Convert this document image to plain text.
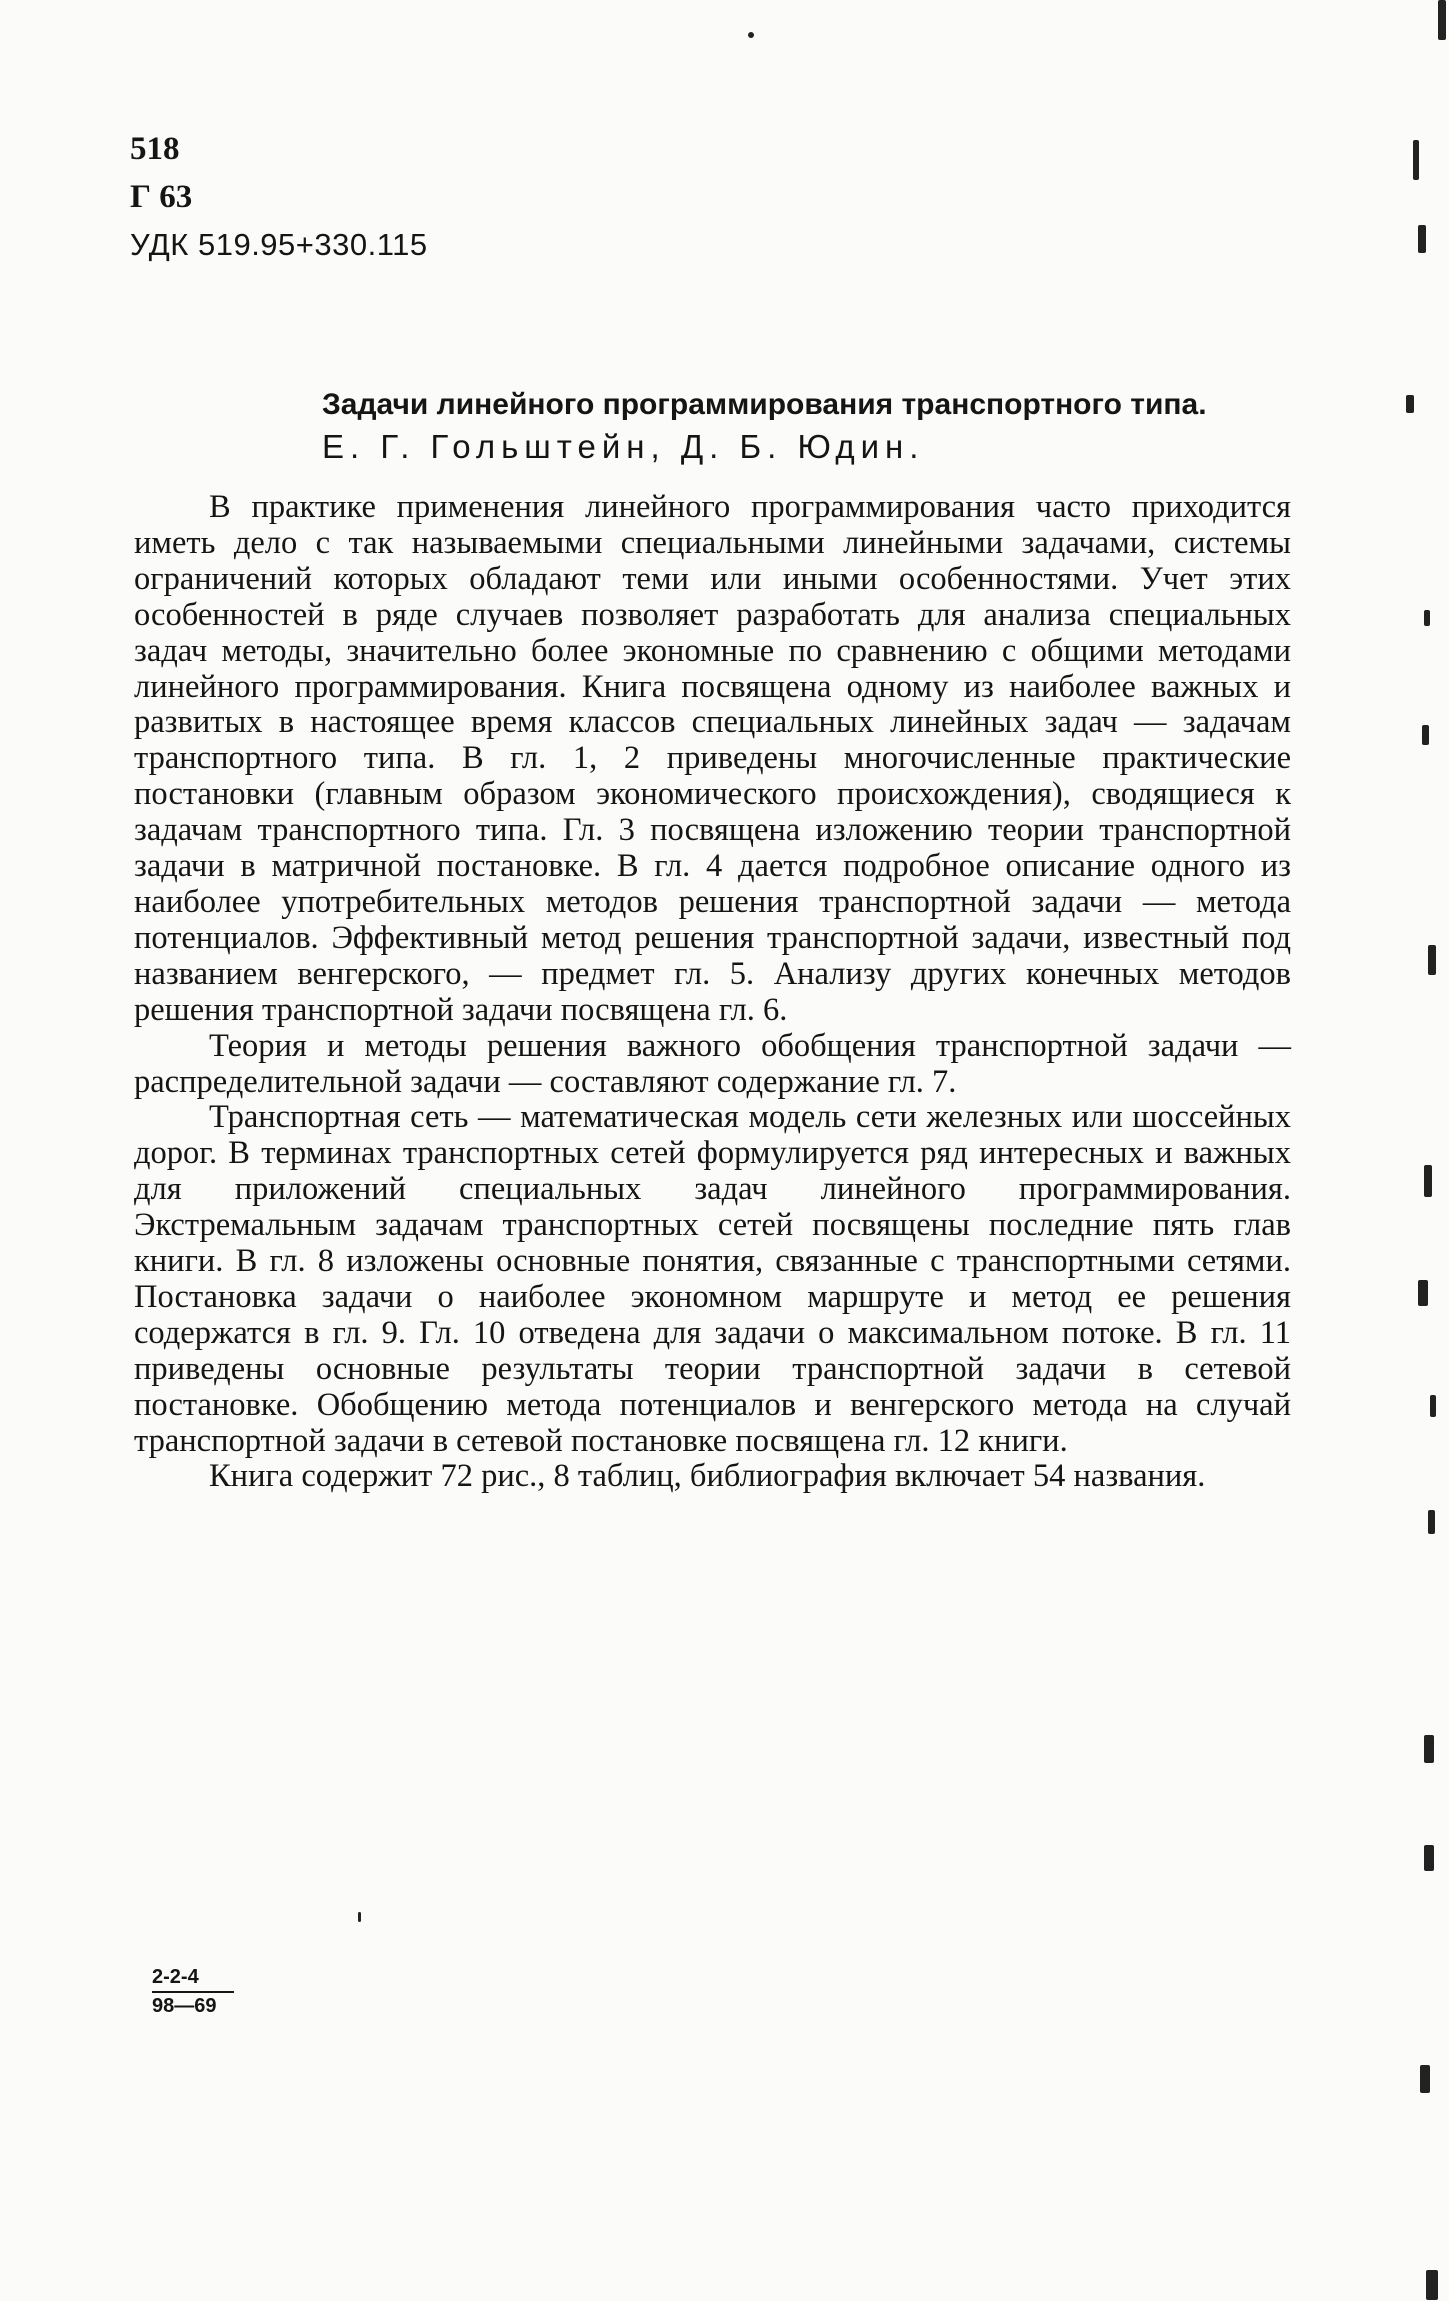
518
Г 63
УДК 519.95+330.115
Задачи линейного программирования транспортного типа.
Е. Г. Гольштейн, Д. Б. Юдин.

В практике применения линейного программирования часто приходится иметь дело с так называемыми специальными линейными задачами, системы ограничений которых обладают теми или иными особенностями. Учет этих особенностей в ряде случаев позволяет разработать для анализа специальных задач методы, значительно более экономные по сравнению с общими методами линейного программирования. Книга посвящена одному из наиболее важных и развитых в настоящее время классов специальных линейных задач — задачам транспортного типа. В гл. 1, 2 приведены многочисленные практические постановки (главным образом экономического происхождения), сводящиеся к задачам транспортного типа. Гл. 3 посвящена изложению теории транспортной задачи в матричной постановке. В гл. 4 дается подробное описание одного из наиболее употребительных методов решения транспортной задачи — метода потенциалов. Эффективный метод решения транспортной задачи, известный под названием венгерского, — предмет гл. 5. Анализу других конечных методов решения транспортной задачи посвящена гл. 6.

Теория и методы решения важного обобщения транспортной задачи — распределительной задачи — составляют содержание гл. 7.

Транспортная сеть — математическая модель сети железных или шоссейных дорог. В терминах транспортных сетей формулируется ряд интересных и важных для приложений специальных задач линейного программирования. Экстремальным задачам транспортных сетей посвящены последние пять глав книги. В гл. 8 изложены основные понятия, связанные с транспортными сетями. Постановка задачи о наиболее экономном маршруте и метод ее решения содержатся в гл. 9. Гл. 10 отведена для задачи о максимальном потоке. В гл. 11 приведены основные результаты теории транспортной задачи в сетевой постановке. Обобщению метода потенциалов и венгерского метода на случай транспортной задачи в сетевой постановке посвящена гл. 12 книги.

Книга содержит 72 рис., 8 таблиц, библиография включает 54 названия.

$\frac{2-2-4}{98—69}$
